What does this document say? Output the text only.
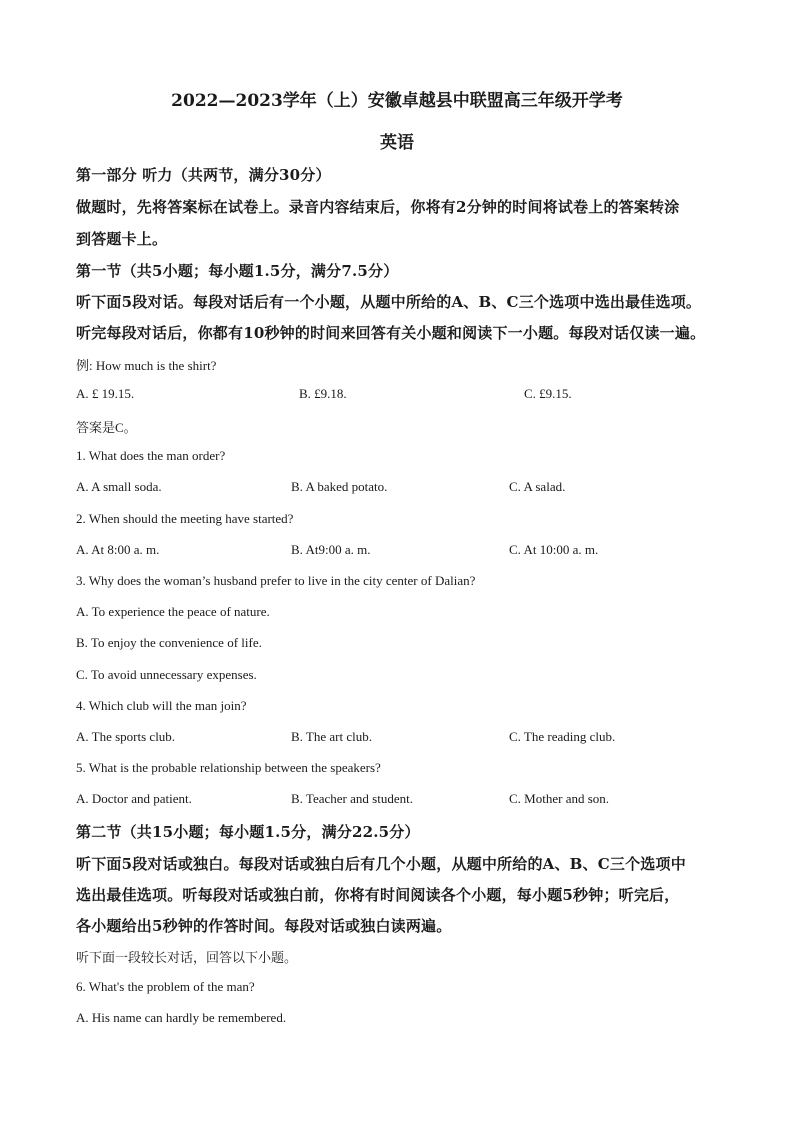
2022—2023学年（上）安徽卓越县中联盟高三年级开学考
英语
第一部分 听力（共两节，满分30分）
做题时，先将答案标在试卷上。录音内容结束后，你将有2分钟的时间将试卷上的答案转涂
到答题卡上。
第一节（共5小题；每小题1.5分，满分7.5分）
听下面5段对话。每段对话后有一个小题，从题中所给的A、B、C三个选项中选出最佳选项。
听完每段对话后，你都有10秒钟的时间来回答有关小题和阅读下一小题。每段对话仅读一遍。
例: How much is the shirt?
A. £ 19.15.	B. £9.18.	C. £9.15.
答案是C。
1. What does the man order?
A. A small soda.	B. A baked potato.	C. A salad.
2. When should the meeting have started?
A. At 8:00 a. m.	B. At9:00 a. m.	C. At 10:00 a. m.
3. Why does the woman’s husband prefer to live in the city center of Dalian?
A. To experience the peace of nature.
B. To enjoy the convenience of life.
C. To avoid unnecessary expenses.
4. Which club will the man join?
A. The sports club.	B. The art club.	C. The reading club.
5. What is the probable relationship between the speakers?
A. Doctor and patient.	B. Teacher and student.	C. Mother and son.
第二节（共15小题；每小题1.5分，满分22.5分）
听下面5段对话或独白。每段对话或独白后有几个小题，从题中所给的A、B、C三个选项中
选出最佳选项。听每段对话或独白前，你将有时间阅读各个小题，每小题5秒钟；听完后，
各小题给出5秒钟的作答时间。每段对话或独白读两遍。
听下面一段较长对话，回答以下小题。
6. What's the problem of the man?
A. His name can hardly be remembered.
